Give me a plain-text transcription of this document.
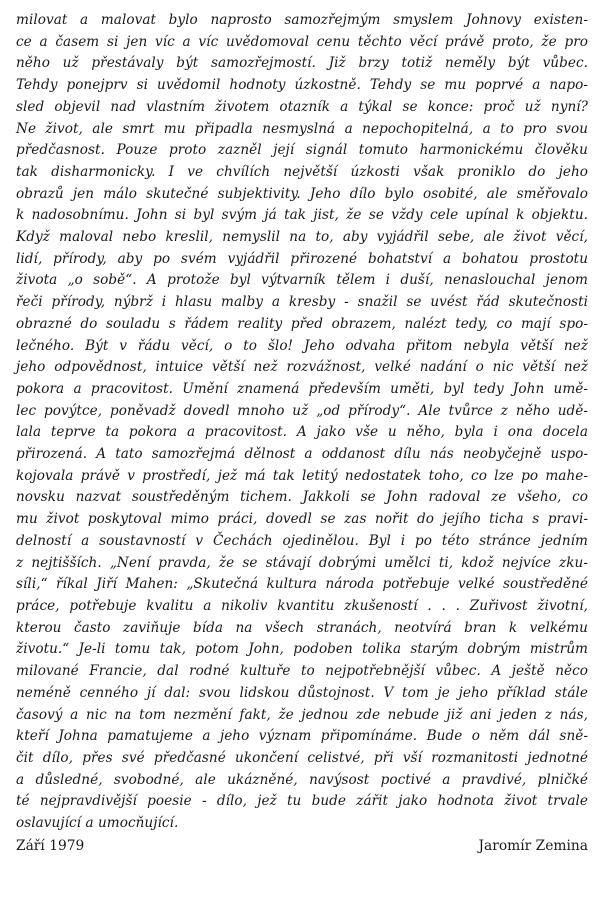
milovat a malovat bylo naprosto samozřejmým smyslem Johnovy existen-
ce a časem si jen víc a víc uvědomoval cenu těchto věcí právě proto, že pro
něho už přestávaly být samozřejmostí. Již brzy totiž neměly být vůbec.
Tehdy ponejprv si uvědomil hodnoty úzkostně. Tehdy se mu poprvé a napo-
sled objevil nad vlastním životem otazník a týkal se konce: proč už nyní?
Ne život, ale smrt mu připadla nesmyslná a nepochopitelná, a to pro svou
předčasnost. Pouze proto zazněl její signál tomuto harmonickému člověku
tak disharmonicky. I ve chvílích největší úzkosti však proniklo do jeho
obrazů jen málo skutečné subjektivity. Jeho dílo bylo osobité, ale směřovalo
k nadosobnímu. John si byl svým já tak jist, že se vždy cele upínal k objektu.
Když maloval nebo kreslil, nemyslil na to, aby vyjádřil sebe, ale život věcí,
lidí, přírody, aby po svém vyjádřil přirozené bohatství a bohatou prostotu
života „o sobě“. A protože byl výtvarník tělem i duší, nenaslouchal jenom
řeči přírody, nýbrž i hlasu malby a kresby - snažil se uvést řád skutečnosti
obrazné do souladu s řádem reality před obrazem, nalézt tedy, co mají spo-
lečného. Být v řádu věcí, o to šlo! Jeho odvaha přitom nebyla větší než
jeho odpovědnost, intuice větší než rozvážnost, velké nadání o nic větší než
pokora a pracovitost. Umění znamená především uměti, byl tedy John umě-
lec povýtce, poněvadž dovedl mnoho už „od přírody“. Ale tvůrce z něho udě-
lala teprve ta pokora a pracovitost. A jako vše u něho, byla i ona docela
přirozená. A tato samozřejmá dělnost a oddanost dílu nás neobyčejně uspo-
kojovala právě v prostředí, jež má tak letitý nedostatek toho, co lze po mahe-
novsku nazvat soustředěným tichem. Jakkoli se John radoval ze všeho, co
mu život poskytoval mimo práci, dovedl se zas nořit do jejího ticha s pravi-
delností a soustavností v Čechách ojedinělou. Byl i po této stránce jedním
z nejtišších. „Není pravda, že se stávají dobrými umělci ti, kdož nejvíce zku-
síli,“ říkal Jiří Mahen: „Skutečná kultura národa potřebuje velké soustředěné
práce, potřebuje kvalitu a nikoliv kvantitu zkušeností . . . Zuřivost životní,
kterou často zaviňuje bída na všech stranách, neotvírá bran k velkému
životu.“ Je-li tomu tak, potom John, podoben tolika starým dobrým mistrům
milované Francie, dal rodné kultuře to nejpotřebnější vůbec. A ještě něco
neméně cenného jí dal: svou lidskou důstojnost. V tom je jeho příklad stále
časový a nic na tom nezmění fakt, že jednou zde nebude již ani jeden z nás,
kteří Johna pamatujeme a jeho význam připomínáme. Bude o něm dál sně-
čit dílo, přes své předčasné ukončení celistvé, při vší rozmanitosti jednotné
a důsledné, svobodné, ale ukázněné, navýsost poctivé a pravdivé, plničké
té nejpravdivější poesie - dílo, jež tu bude zářit jako hodnota život trvale
oslavující a umocňující.
Září 1979	Jaromír Zemina
